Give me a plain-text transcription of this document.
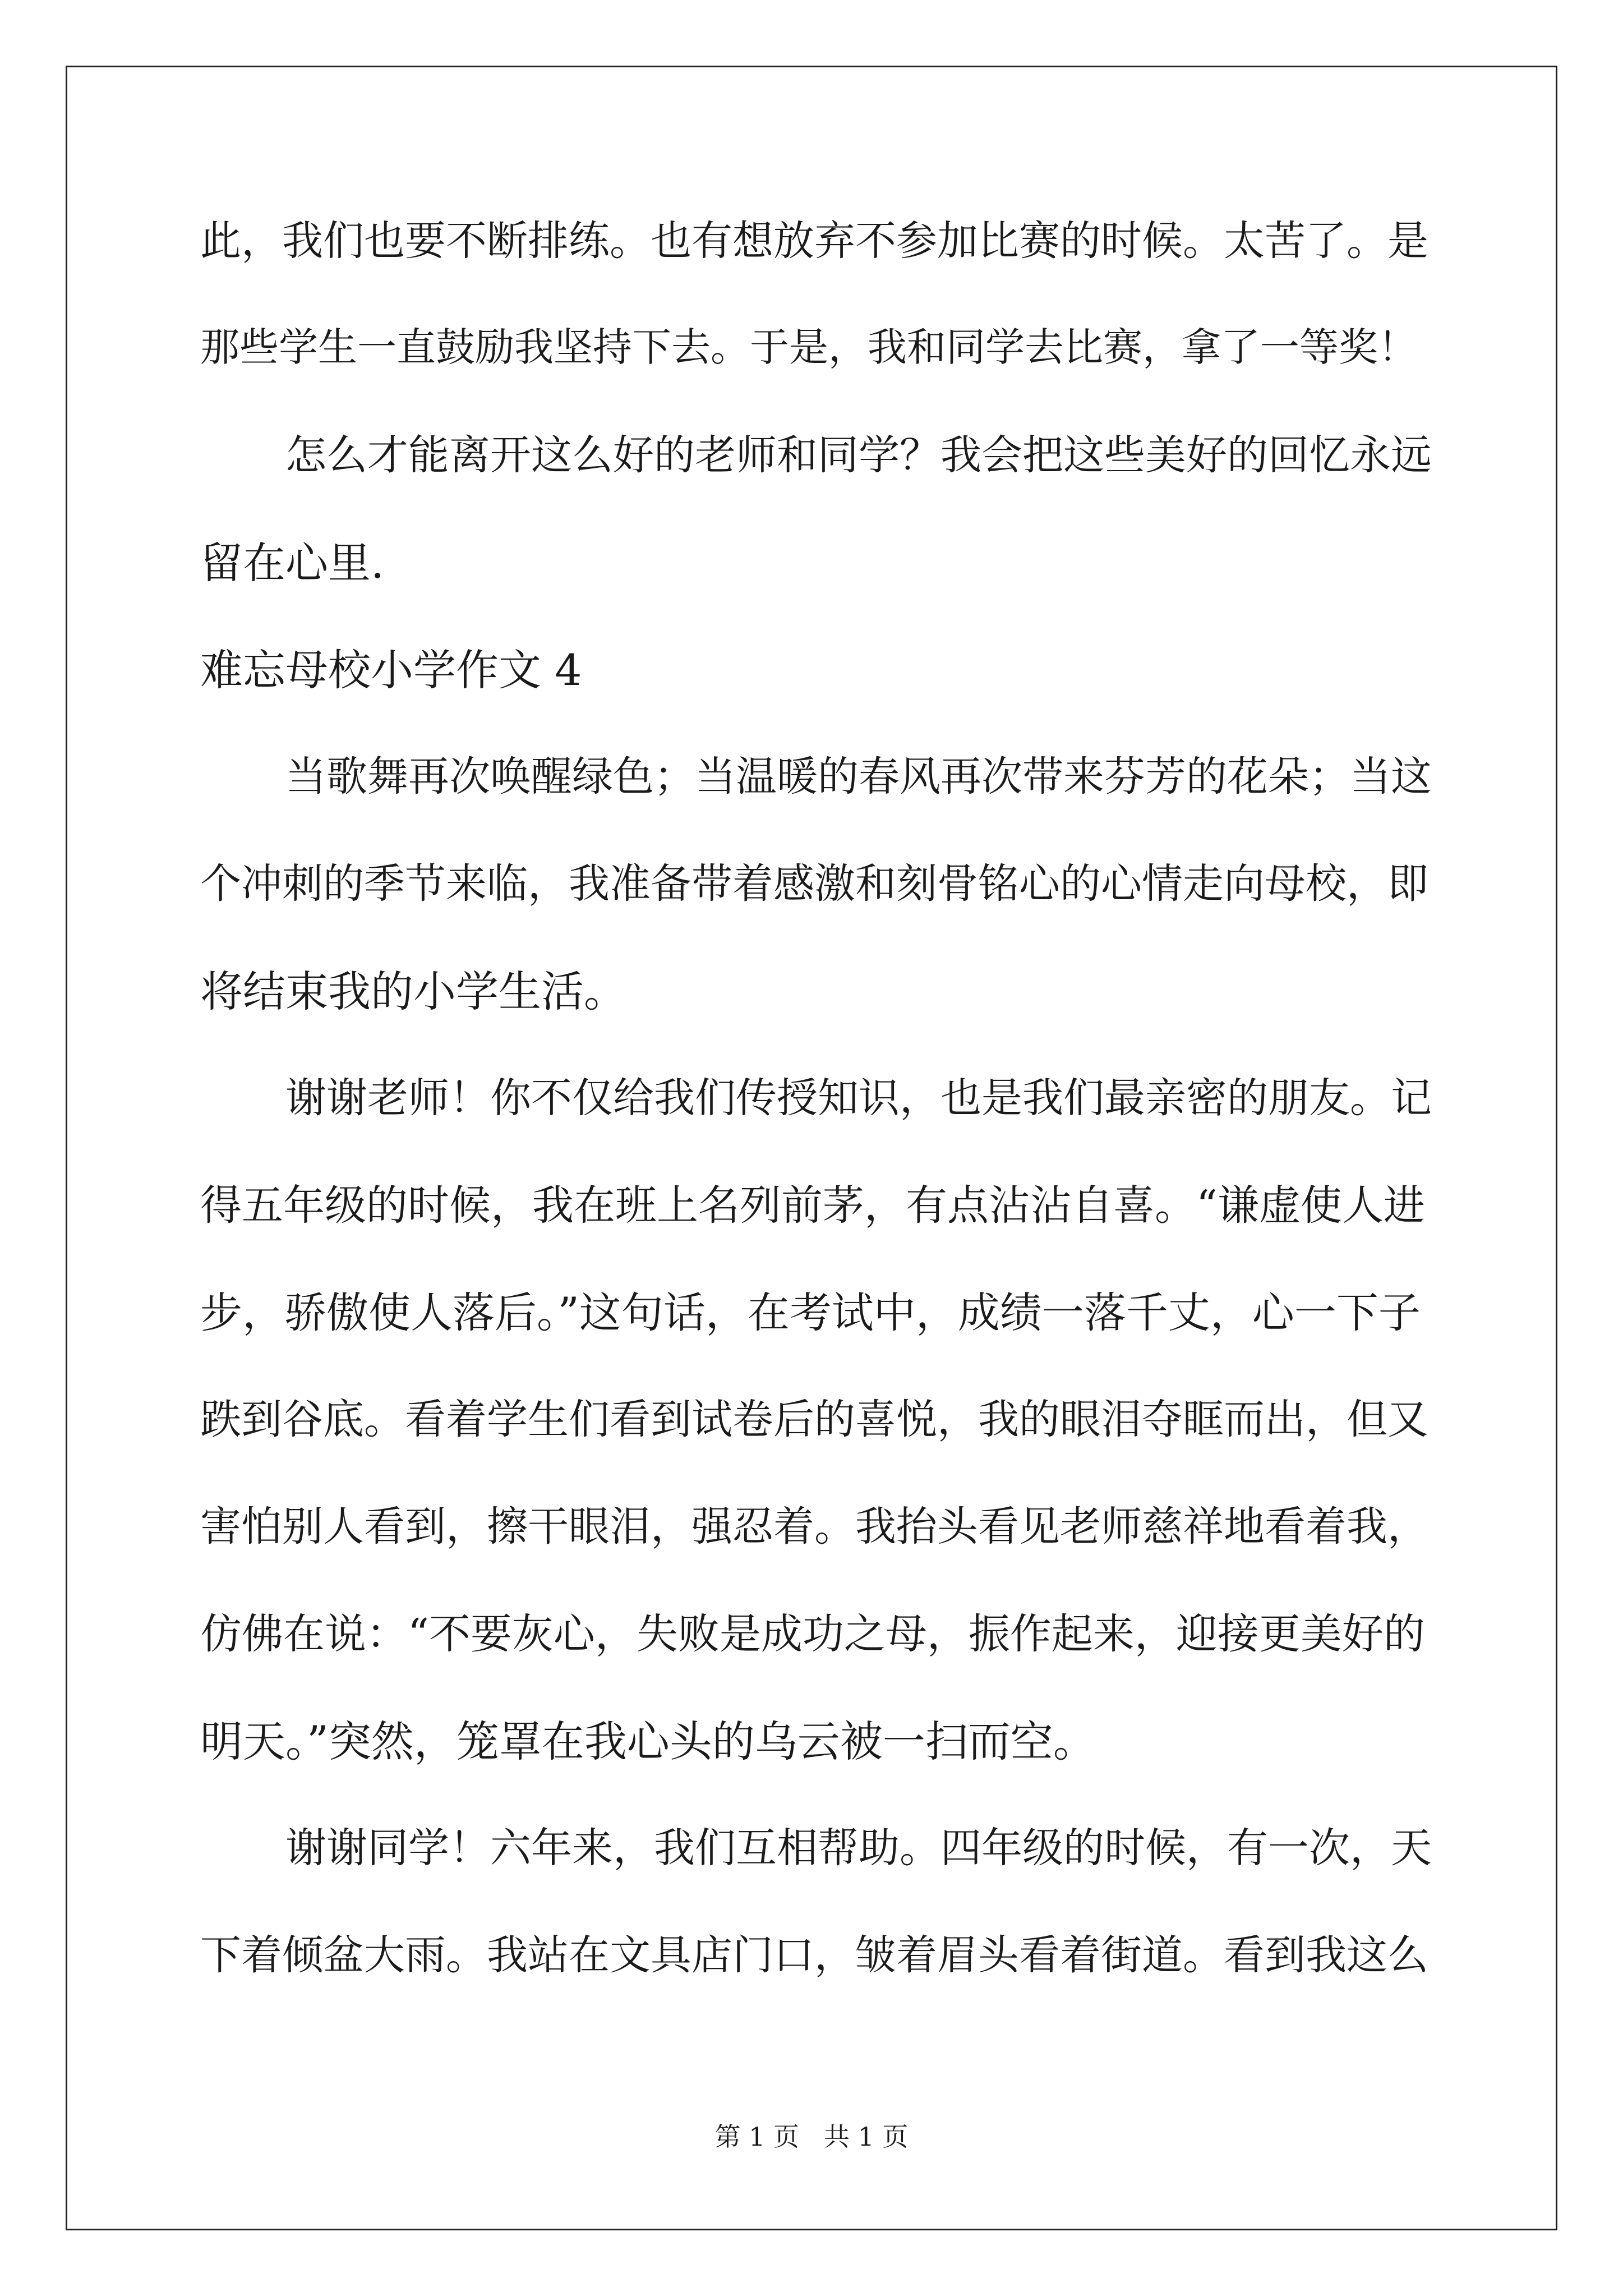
此，我们也要不断排练。也有想放弃不参加比赛的时候。太苦了。是

那些学生一直鼓励我坚持下去。于是，我和同学去比赛，拿了一等奖！

怎么才能离开这么好的老师和同学？我会把这些美好的回忆永远

留在心里.

难忘母校小学作文 4

当歌舞再次唤醒绿色；当温暖的春风再次带来芬芳的花朵；当这

个冲刺的季节来临，我准备带着感激和刻骨铭心的心情走向母校，即

将结束我的小学生活。

谢谢老师！你不仅给我们传授知识，也是我们最亲密的朋友。记

得五年级的时候，我在班上名列前茅，有点沾沾自喜。“谦虚使人进

步，骄傲使人落后。”这句话，在考试中，成绩一落千丈，心一下子

跌到谷底。看着学生们看到试卷后的喜悦，我的眼泪夺眶而出，但又

害怕别人看到，擦干眼泪，强忍着。我抬头看见老师慈祥地看着我，

仿佛在说：“不要灰心，失败是成功之母，振作起来，迎接更美好的

明天。”突然，笼罩在我心头的乌云被一扫而空。

谢谢同学！六年来，我们互相帮助。四年级的时候，有一次，天

下着倾盆大雨。我站在文具店门口，皱着眉头看着街道。看到我这么

第 1 页   共 1 页
